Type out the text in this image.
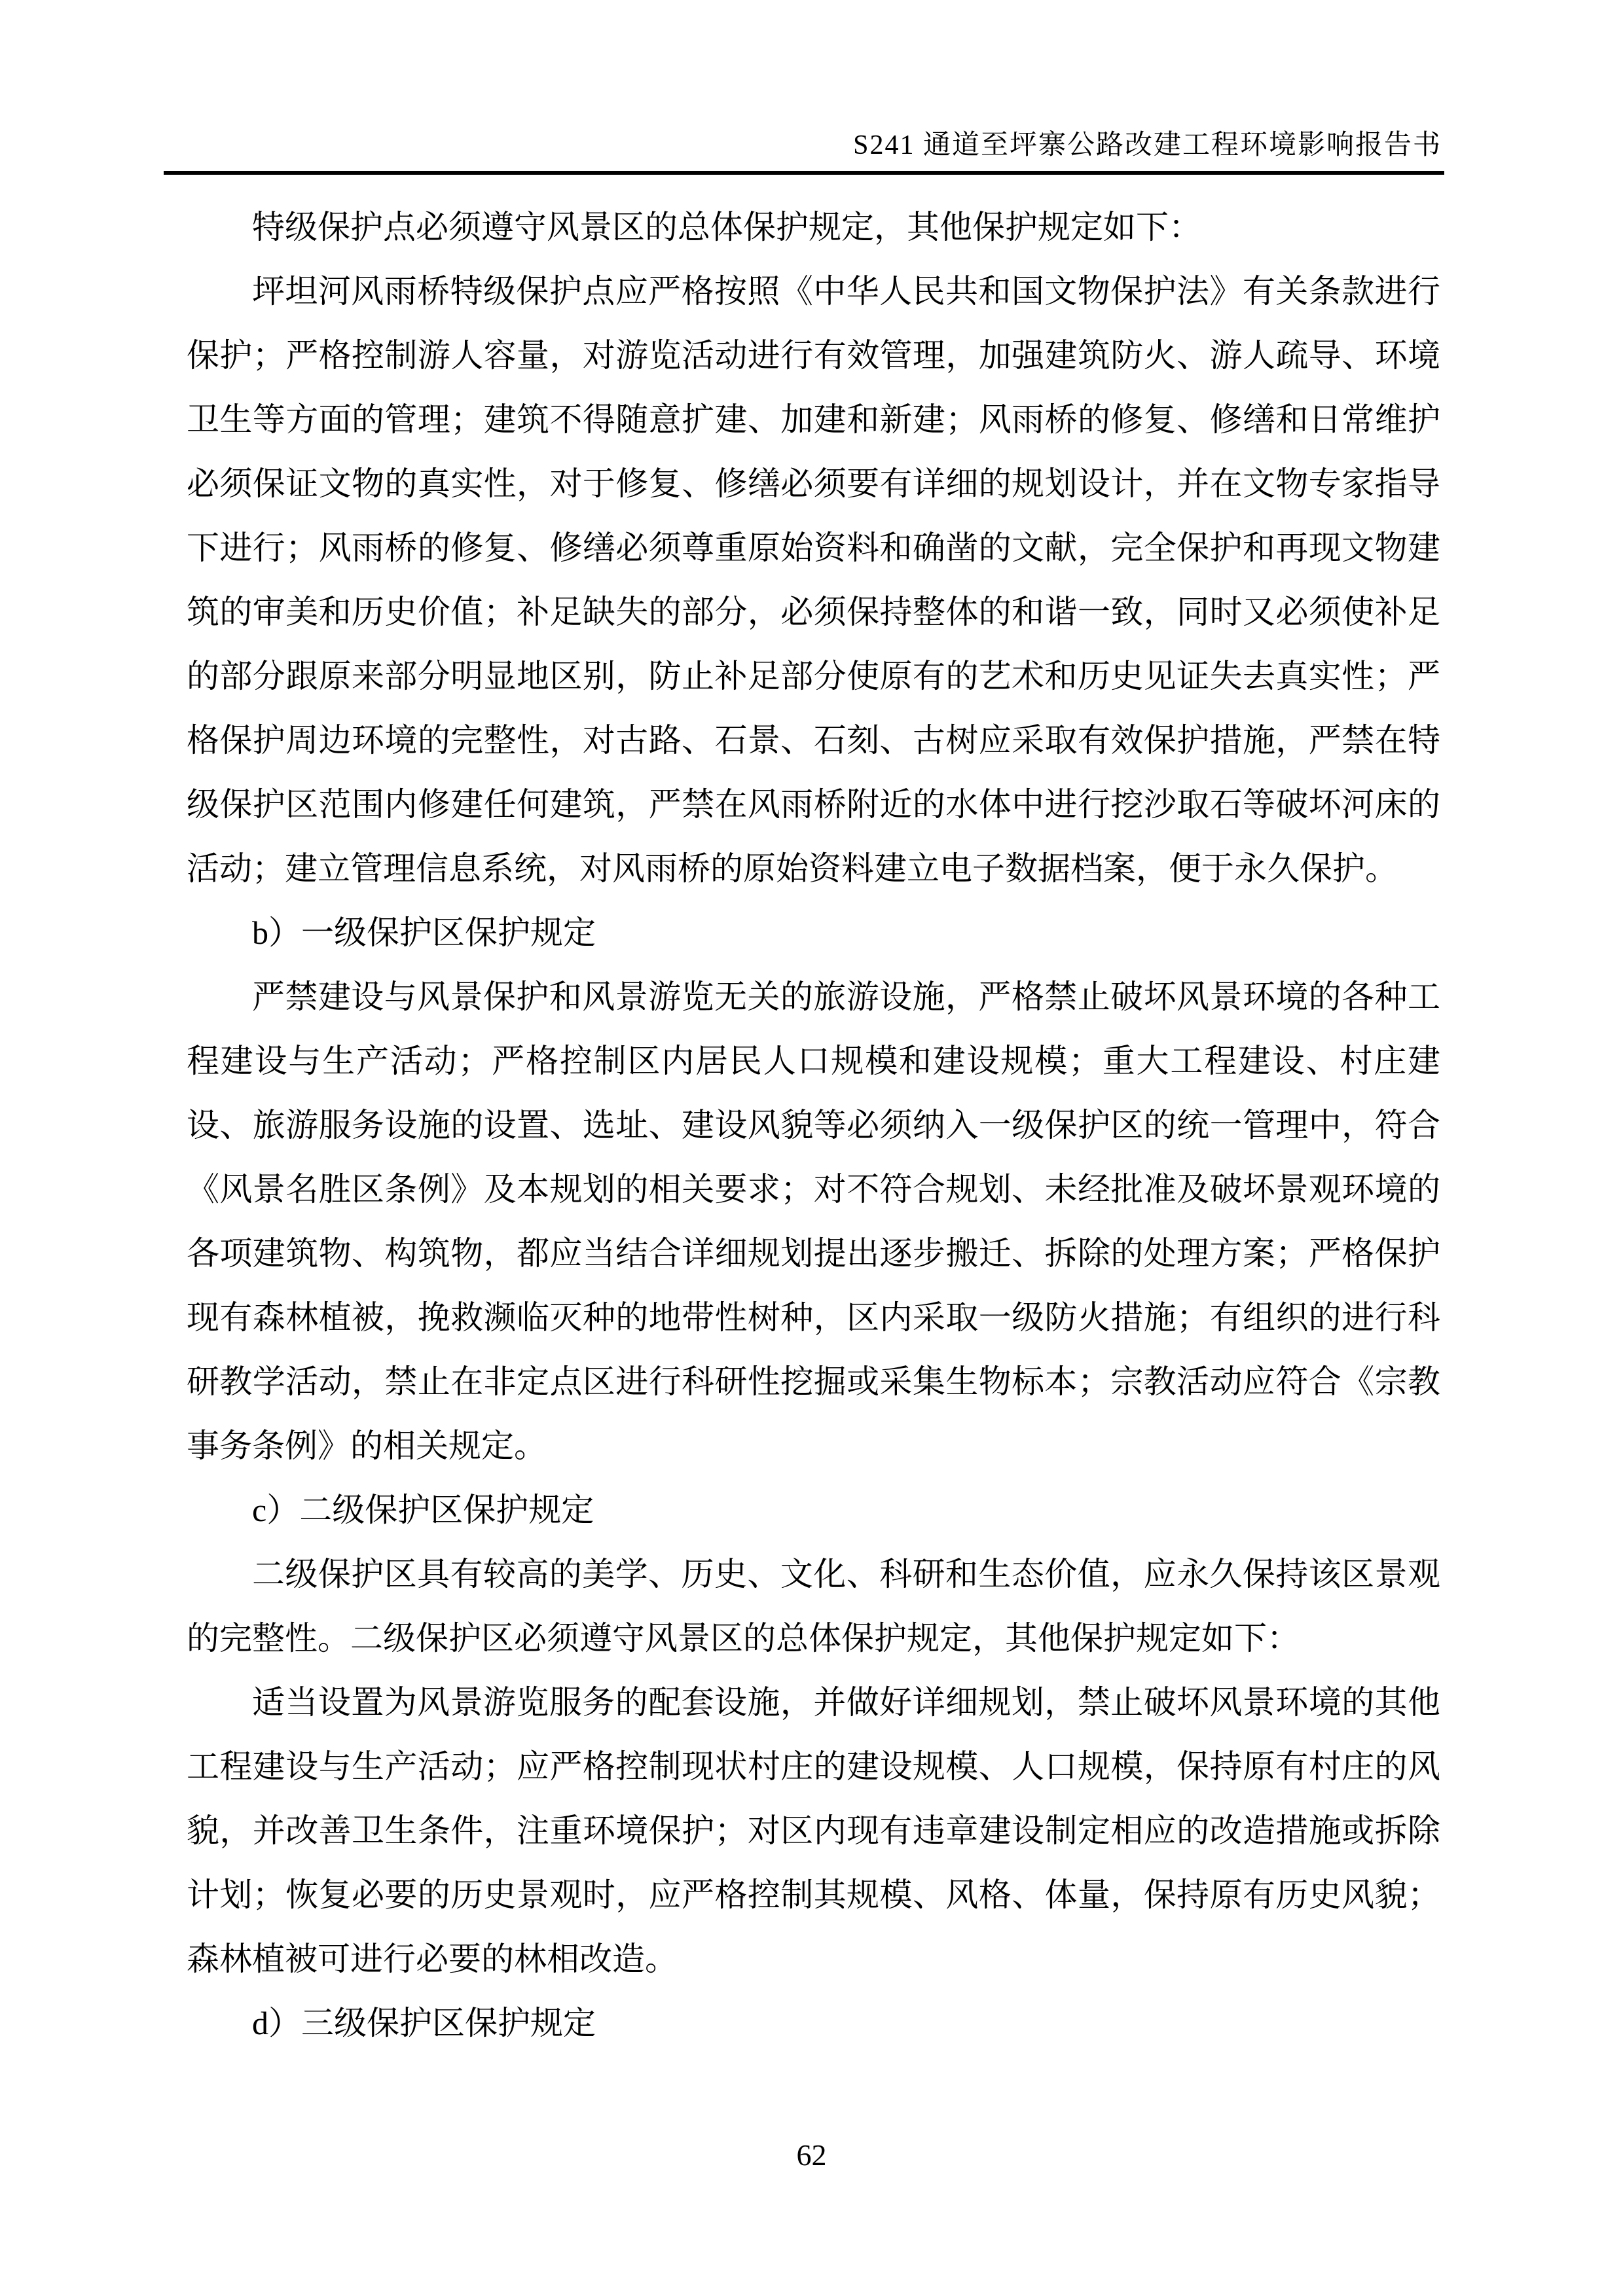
S241 通道至坪寨公路改建工程环境影响报告书

特级保护点必须遵守风景区的总体保护规定，其他保护规定如下：

坪坦河风雨桥特级保护点应严格按照《中华人民共和国文物保护法》有关条款进行保护；严格控制游人容量，对游览活动进行有效管理，加强建筑防火、游人疏导、环境卫生等方面的管理；建筑不得随意扩建、加建和新建；风雨桥的修复、修缮和日常维护必须保证文物的真实性，对于修复、修缮必须要有详细的规划设计，并在文物专家指导下进行；风雨桥的修复、修缮必须尊重原始资料和确凿的文献，完全保护和再现文物建筑的审美和历史价值；补足缺失的部分，必须保持整体的和谐一致，同时又必须使补足的部分跟原来部分明显地区别，防止补足部分使原有的艺术和历史见证失去真实性；严格保护周边环境的完整性，对古路、石景、石刻、古树应采取有效保护措施，严禁在特级保护区范围内修建任何建筑，严禁在风雨桥附近的水体中进行挖沙取石等破坏河床的活动；建立管理信息系统，对风雨桥的原始资料建立电子数据档案，便于永久保护。

b）一级保护区保护规定

严禁建设与风景保护和风景游览无关的旅游设施，严格禁止破坏风景环境的各种工程建设与生产活动；严格控制区内居民人口规模和建设规模；重大工程建设、村庄建设、旅游服务设施的设置、选址、建设风貌等必须纳入一级保护区的统一管理中，符合《风景名胜区条例》及本规划的相关要求；对不符合规划、未经批准及破坏景观环境的各项建筑物、构筑物，都应当结合详细规划提出逐步搬迁、拆除的处理方案；严格保护现有森林植被，挽救濒临灭种的地带性树种，区内采取一级防火措施；有组织的进行科研教学活动，禁止在非定点区进行科研性挖掘或采集生物标本；宗教活动应符合《宗教事务条例》的相关规定。

c）二级保护区保护规定

二级保护区具有较高的美学、历史、文化、科研和生态价值，应永久保持该区景观的完整性。二级保护区必须遵守风景区的总体保护规定，其他保护规定如下：

适当设置为风景游览服务的配套设施，并做好详细规划，禁止破坏风景环境的其他工程建设与生产活动；应严格控制现状村庄的建设规模、人口规模，保持原有村庄的风貌，并改善卫生条件，注重环境保护；对区内现有违章建设制定相应的改造措施或拆除计划；恢复必要的历史景观时，应严格控制其规模、风格、体量，保持原有历史风貌；森林植被可进行必要的林相改造。

d）三级保护区保护规定

62
